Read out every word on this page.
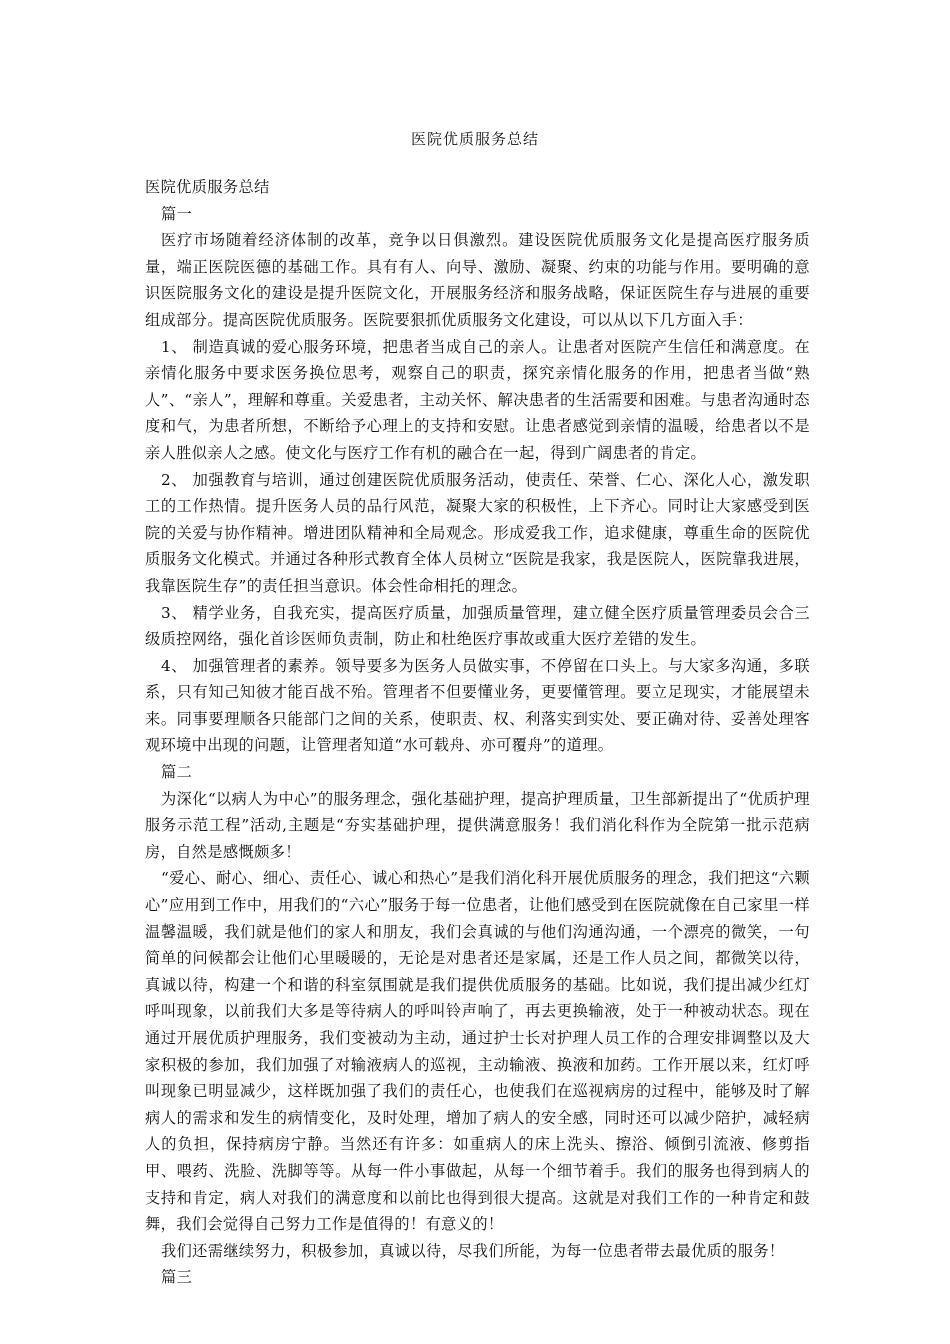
医院优质服务总结

医院优质服务总结

篇一

医疗市场随着经济体制的改革，竞争以日俱激烈。建设医院优质服务文化是提高医疗服务质量，端正医院医德的基础工作。具有有人、向导、激励、凝聚、约束的功能与作用。要明确的意识医院服务文化的建设是提升医院文化，开展服务经济和服务战略，保证医院生存与进展的重要组成部分。提高医院优质服务。医院要狠抓优质服务文化建设，可以从以下几方面入手：

1、 制造真诚的爱心服务环境，把患者当成自己的亲人。让患者对医院产生信任和满意度。在亲情化服务中要求医务换位思考，观察自己的职责，探究亲情化服务的作用，把患者当做“熟人”、“亲人”，理解和尊重。关爱患者，主动关怀、解决患者的生活需要和困难。与患者沟通时态度和气，为患者所想，不断给予心理上的支持和安慰。让患者感觉到亲情的温暖，给患者以不是亲人胜似亲人之感。使文化与医疗工作有机的融合在一起，得到广阔患者的肯定。

2、 加强教育与培训，通过创建医院优质服务活动，使责任、荣誉、仁心、深化人心，激发职工的工作热情。提升医务人员的品行风范，凝聚大家的积极性，上下齐心。同时让大家感受到医院的关爱与协作精神。增进团队精神和全局观念。形成爱我工作，追求健康，尊重生命的医院优质服务文化模式。并通过各种形式教育全体人员树立“医院是我家，我是医院人，医院靠我进展，我靠医院生存”的责任担当意识。体会性命相托的理念。

3、 精学业务，自我充实，提高医疗质量，加强质量管理，建立健全医疗质量管理委员会合三级质控网络，强化首诊医师负责制，防止和杜绝医疗事故或重大医疗差错的发生。

4、 加强管理者的素养。领导要多为医务人员做实事，不停留在口头上。与大家多沟通，多联系，只有知己知彼才能百战不殆。管理者不但要懂业务，更要懂管理。要立足现实，才能展望未来。同事要理顺各只能部门之间的关系，使职责、权、利落实到实处、要正确对待、妥善处理客观环境中出现的问题，让管理者知道“水可载舟、亦可覆舟”的道理。

篇二

为深化“以病人为中心”的服务理念，强化基础护理，提高护理质量，卫生部新提出了“优质护理服务示范工程”活动,主题是“夯实基础护理，提供满意服务！我们消化科作为全院第一批示范病房，自然是感慨颇多！

“爱心、耐心、细心、责任心、诚心和热心”是我们消化科开展优质服务的理念，我们把这“六颗心”应用到工作中，用我们的“六心”服务于每一位患者，让他们感受到在医院就像在自己家里一样温馨温暖，我们就是他们的家人和朋友，我们会真诚的与他们沟通沟通，一个漂亮的微笑，一句简单的问候都会让他们心里暖暖的，无论是对患者还是家属，还是工作人员之间，都微笑以待，真诚以待，构建一个和谐的科室氛围就是我们提供优质服务的基础。比如说，我们提出减少红灯呼叫现象，以前我们大多是等待病人的呼叫铃声响了，再去更换输液，处于一种被动状态。现在通过开展优质护理服务，我们变被动为主动，通过护士长对护理人员工作的合理安排调整以及大家积极的参加，我们加强了对输液病人的巡视，主动输液、换液和加药。工作开展以来，红灯呼叫现象已明显减少，这样既加强了我们的责任心，也使我们在巡视病房的过程中，能够及时了解病人的需求和发生的病情变化，及时处理，增加了病人的安全感，同时还可以减少陪护，减轻病人的负担，保持病房宁静。当然还有许多：如重病人的床上洗头、擦浴、倾倒引流液、修剪指甲、喂药、洗脸、洗脚等等。从每一件小事做起，从每一个细节着手。我们的服务也得到病人的支持和肯定，病人对我们的满意度和以前比也得到很大提高。这就是对我们工作的一种肯定和鼓舞，我们会觉得自己努力工作是值得的！有意义的！

我们还需继续努力，积极参加，真诚以待，尽我们所能，为每一位患者带去最优质的服务！

篇三
